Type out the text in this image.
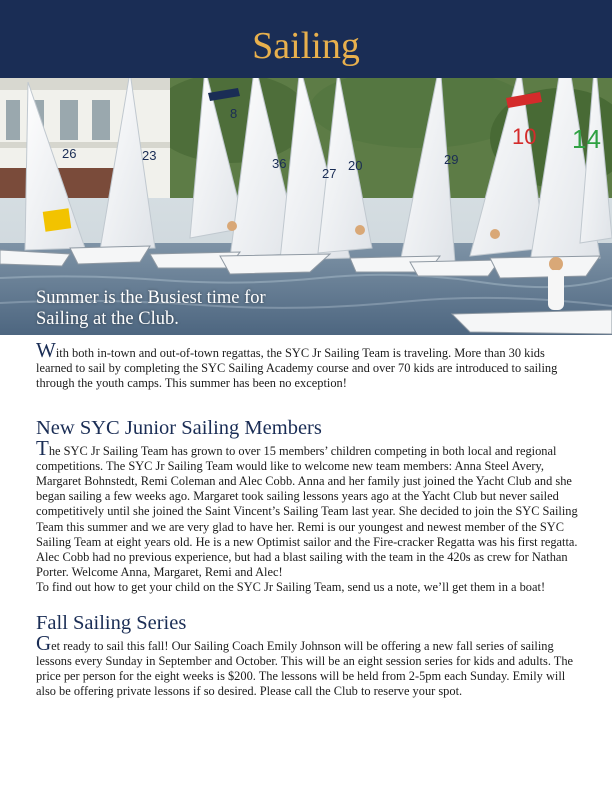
Sailing
26	23
8
36
27
20	29
10 14
Summer is the Busiest time for
Sailing at the Club.

With both in-town and out-of-town regattas, the SYC Jr Sailing Team is traveling. More than 30 kids learned to sail by completing the SYC Sailing Academy course and over 70 kids are introduced to sailing through the youth camps. This summer has been no exception!

New SYC Junior Sailing Members

The SYC Jr Sailing Team has grown to over 15 members’ children competing in both local and regional competitions. The SYC Jr Sailing Team would like to welcome new team members: Anna Steel Avery, Margaret Bohnstedt, Remi Coleman and Alec Cobb. Anna and her family just joined the Yacht Club and she began sailing a few weeks ago. Margaret took sailing lessons years ago at the Yacht Club but never sailed competitively until she joined the Saint Vincent’s Sailing Team last year. She decided to join the SYC Sailing Team this summer and we are very glad to have her. Remi is our youngest and newest member of the SYC Sailing Team at eight years old. He is a new Optimist sailor and the Fire-cracker Regatta was his first regatta. Alec Cobb had no previous experience, but had a blast sailing with the team in the 420s as crew for Nathan Porter. Welcome Anna, Margaret, Remi and Alec!

To find out how to get your child on the SYC Jr Sailing Team, send us a note, we’ll get them in a boat!

Fall Sailing Series

Get ready to sail this fall! Our Sailing Coach Emily Johnson will be offering a new fall series of sailing lessons every Sunday in September and October. This will be an eight session series for kids and adults. The price per person for the eight weeks is $200. The lessons will be held from 2-5pm each Sunday. Emily will also be offering private lessons if so desired. Please call the Club to reserve your spot.
